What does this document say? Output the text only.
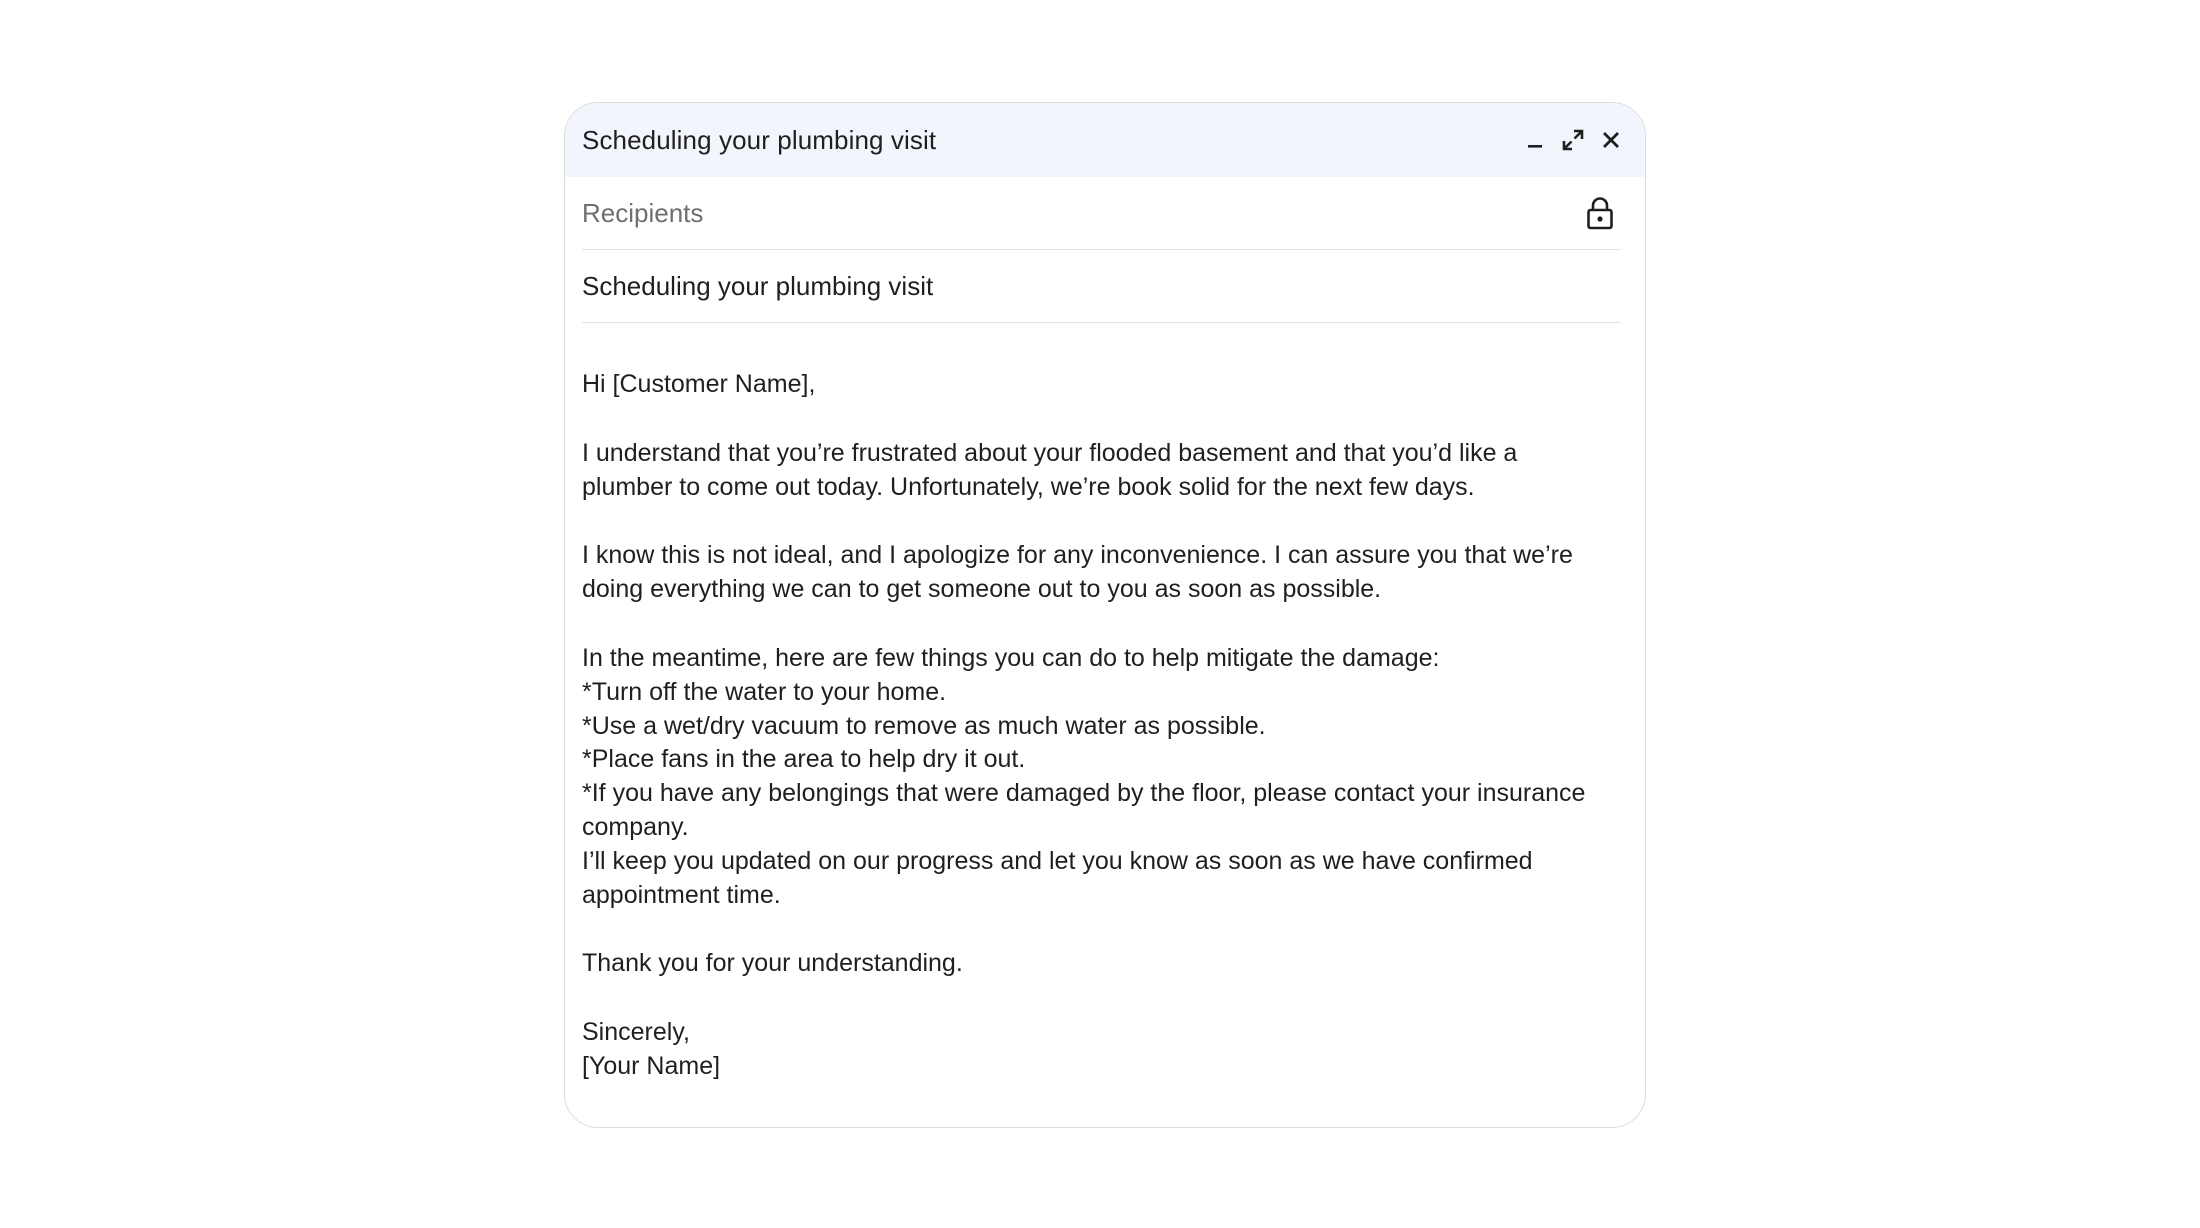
Scheduling your plumbing visit
Recipients
Scheduling your plumbing visit

Hi [Customer Name],

I understand that you’re frustrated about your flooded basement and that you’d like a plumber to come out today. Unfortunately, we’re book solid for the next few days.

I know this is not ideal, and I apologize for any inconvenience. I can assure you that we’re doing everything we can to get someone out to you as soon as possible.

In the meantime, here are few things you can do to help mitigate the damage:

*Turn off the water to your home.

*Use a wet/dry vacuum to remove as much water as possible.

*Place fans in the area to help dry it out.

*If you have any belongings that were damaged by the floor, please contact your insurance company.

I’ll keep you updated on our progress and let you know as soon as we have confirmed appointment time.

Thank you for your understanding.

Sincerely,

[Your Name]
